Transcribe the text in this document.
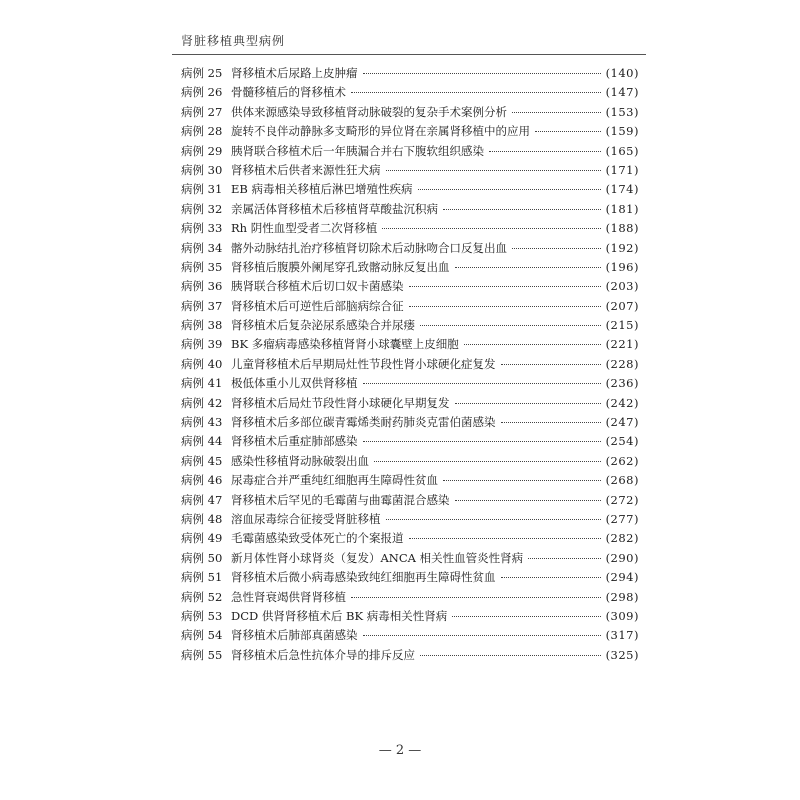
肾脏移植典型病例
病例 25 肾移植术后尿路上皮肿瘤	(140)
病例 26 骨髓移植后的肾移植术	(147)
病例 27 供体来源感染导致移植肾动脉破裂的复杂手术案例分析	(153)
病例 28 旋转不良伴动静脉多支畸形的异位肾在亲属肾移植中的应用	(159)
病例 29 胰肾联合移植术后一年胰漏合并右下腹软组织感染	(165)
病例 30 肾移植术后供者来源性狂犬病	(171)
病例 31 EB 病毒相关移植后淋巴增殖性疾病	(174)
病例 32 亲属活体肾移植术后移植肾草酸盐沉积病	(181)
病例 33 Rh 阴性血型受者二次肾移植	(188)
病例 34 髂外动脉结扎治疗移植肾切除术后动脉吻合口反复出血	(192)
病例 35 肾移植后腹膜外阑尾穿孔致髂动脉反复出血	(196)
病例 36 胰肾联合移植术后切口奴卡菌感染	(203)
病例 37 肾移植术后可逆性后部脑病综合征	(207)
病例 38 肾移植术后复杂泌尿系感染合并尿瘘	(215)
病例 39 BK 多瘤病毒感染移植肾肾小球囊壁上皮细胞	(221)
病例 40 儿童肾移植术后早期局灶性节段性肾小球硬化症复发	(228)
病例 41 极低体重小儿双供肾移植	(236)
病例 42 肾移植术后局灶节段性肾小球硬化早期复发	(242)
病例 43 肾移植术后多部位碳青霉烯类耐药肺炎克雷伯菌感染	(247)
病例 44 肾移植术后重症肺部感染	(254)
病例 45 感染性移植肾动脉破裂出血	(262)
病例 46 尿毒症合并严重纯红细胞再生障碍性贫血	(268)
病例 47 肾移植术后罕见的毛霉菌与曲霉菌混合感染	(272)
病例 48 溶血尿毒综合征接受肾脏移植	(277)
病例 49 毛霉菌感染致受体死亡的个案报道	(282)
病例 50 新月体性肾小球肾炎（复发）ANCA 相关性血管炎性肾病	(290)
病例 51 肾移植术后微小病毒感染致纯红细胞再生障碍性贫血	(294)
病例 52 急性肾衰竭供肾肾移植	(298)
病例 53 DCD 供肾肾移植术后 BK 病毒相关性肾病	(309)
病例 54 肾移植术后肺部真菌感染	(317)
病例 55 肾移植术后急性抗体介导的排斥反应	(325)
— 2 —
